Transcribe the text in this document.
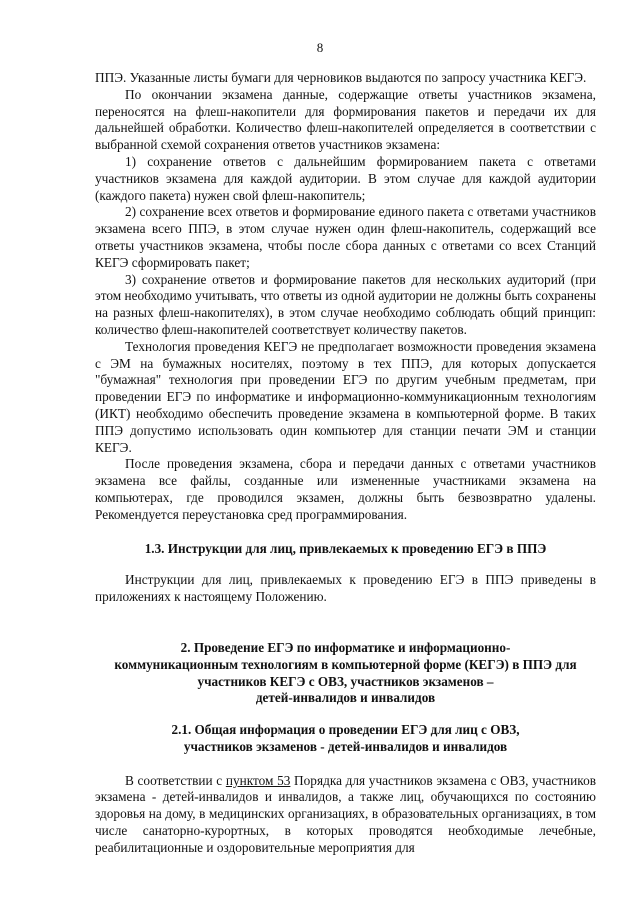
8

ППЭ. Указанные листы бумаги для черновиков выдаются по запросу участника КЕГЭ.

По окончании экзамена данные, содержащие ответы участников экзамена, переносятся на флеш-накопители для формирования пакетов и передачи их для дальнейшей обработки. Количество флеш-накопителей определяется в соответствии с выбранной схемой сохранения ответов участников экзамена:

1) сохранение ответов с дальнейшим формированием пакета с ответами участников экзамена для каждой аудитории. В этом случае для каждой аудитории (каждого пакета) нужен свой флеш-накопитель;

2) сохранение всех ответов и формирование единого пакета с ответами участников экзамена всего ППЭ, в этом случае нужен один флеш-накопитель, содержащий все ответы участников экзамена, чтобы после сбора данных с ответами со всех Станций КЕГЭ сформировать пакет;

3) сохранение ответов и формирование пакетов для нескольких аудиторий (при этом необходимо учитывать, что ответы из одной аудитории не должны быть сохранены на разных флеш-накопителях), в этом случае необходимо соблюдать общий принцип: количество флеш-накопителей соответствует количеству пакетов.

Технология проведения КЕГЭ не предполагает возможности проведения экзамена с ЭМ на бумажных носителях, поэтому в тех ППЭ, для которых допускается "бумажная" технология при проведении ЕГЭ по другим учебным предметам, при проведении ЕГЭ по информатике и информационно-коммуникационным технологиям (ИКТ) необходимо обеспечить проведение экзамена в компьютерной форме. В таких ППЭ допустимо использовать один компьютер для станции печати ЭМ и станции КЕГЭ.

После проведения экзамена, сбора и передачи данных с ответами участников экзамена все файлы, созданные или измененные участниками экзамена на компьютерах, где проводился экзамен, должны быть безвозвратно удалены. Рекомендуется переустановка сред программирования.

1.3. Инструкции для лиц, привлекаемых к проведению ЕГЭ в ППЭ

Инструкции для лиц, привлекаемых к проведению ЕГЭ в ППЭ приведены в приложениях к настоящему Положению.

2. Проведение ЕГЭ по информатике и информационно-
коммуникационным технологиям в компьютерной форме (КЕГЭ) в ППЭ для
участников КЕГЭ с ОВЗ, участников экзаменов –
детей-инвалидов и инвалидов
2.1. Общая информация о проведении ЕГЭ для лиц с ОВЗ,
участников экзаменов - детей-инвалидов и инвалидов

В соответствии с пунктом 53 Порядка для участников экзамена с ОВЗ, участников экзамена - детей-инвалидов и инвалидов, а также лиц, обучающихся по состоянию здоровья на дому, в медицинских организациях, в образовательных организациях, в том числе санаторно-курортных, в которых проводятся необходимые лечебные, реабилитационные и оздоровительные мероприятия для
